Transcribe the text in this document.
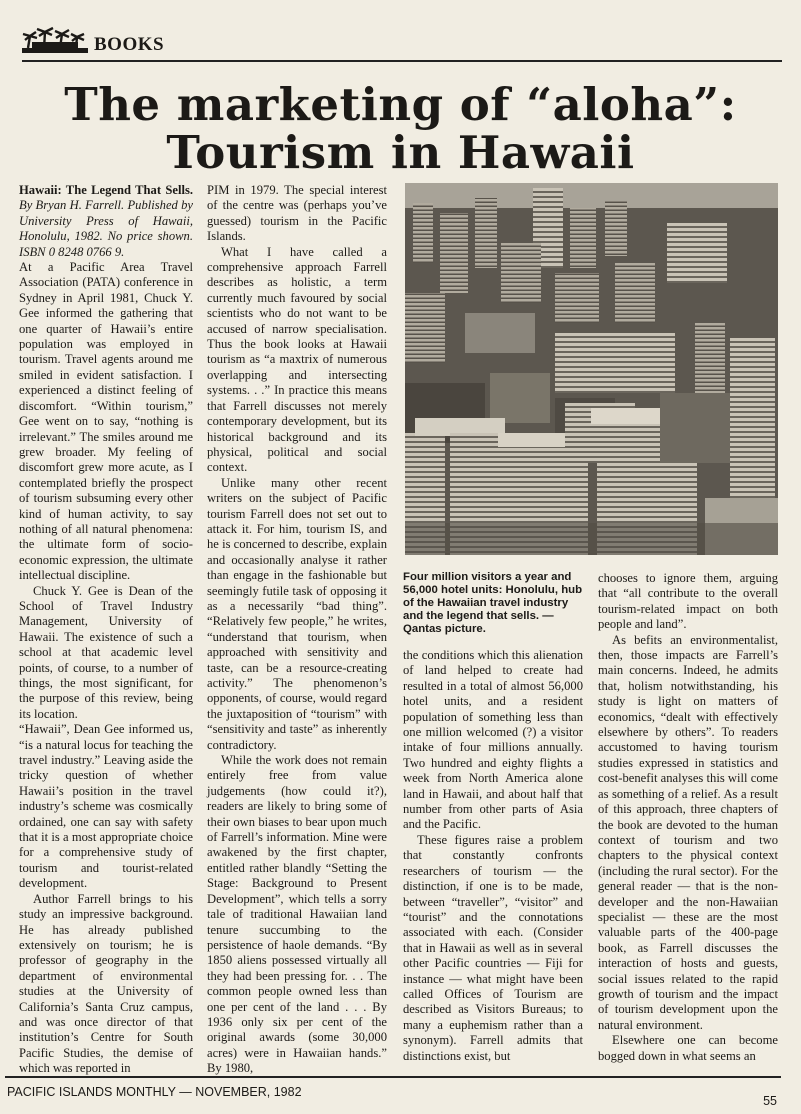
BOOKS
The marketing of “aloha”:
Tourism in Hawaii

Hawaii: The Legend That Sells. By Bryan H. Farrell. Published by University Press of Hawaii, Honolulu, 1982. No price shown. ISBN 0 8248 0766 9.

At a Pacific Area Travel Association (PATA) conference in Sydney in April 1981, Chuck Y. Gee informed the gathering that one quarter of Hawaii’s entire population was employed in tourism. Travel agents around me smiled in evident satisfaction. I experienced a distinct feeling of discomfort. “Within tourism,” Gee went on to say, “nothing is irrelevant.” The smiles around me grew broader. My feeling of discomfort grew more acute, as I contemplated briefly the prospect of tourism subsuming every other kind of human activity, to say nothing of all natural phenomena: the ultimate form of socio-economic expression, the ultimate intellectual discipline.

Chuck Y. Gee is Dean of the School of Travel Industry Management, University of Hawaii. The existence of such a school at that academic level points, of course, to a number of things, the most significant, for the purpose of this review, being its location.

“Hawaii”, Dean Gee informed us, “is a natural locus for teaching the travel industry.” Leaving aside the tricky question of whether Hawaii’s position in the travel industry’s scheme was cosmically ordained, one can say with safety that it is a most appropriate choice for a comprehensive study of tourism and tourist-related development.

Author Farrell brings to his study an impressive background. He has already published extensively on tourism; he is professor of geography in the department of environmental studies at the University of California’s Santa Cruz campus, and was once director of that institution’s Centre for South Pacific Studies, the demise of which was reported in

PIM in 1979. The special interest of the centre was (perhaps you’ve guessed) tourism in the Pacific Islands.

What I have called a comprehensive approach Farrell describes as holistic, a term currently much favoured by social scientists who do not want to be accused of narrow specialisation. Thus the book looks at Hawaii tourism as “a maxtrix of numerous overlapping and intersecting systems. . .” In practice this means that Farrell discusses not merely contemporary development, but its historical background and its physical, political and social context.

Unlike many other recent writers on the subject of Pacific tourism Farrell does not set out to attack it. For him, tourism IS, and he is concerned to describe, explain and occasionally analyse it rather than engage in the fashionable but seemingly futile task of opposing it as a necessarily “bad thing”. “Relatively few people,” he writes, “understand that tourism, when approached with sensitivity and taste, can be a resource-creating activity.” The phenomenon’s opponents, of course, would regard the juxtaposition of “tourism” with “sensitivity and taste” as inherently contradictory.

While the work does not remain entirely free from value judgements (how could it?), readers are likely to bring some of their own biases to bear upon much of Farrell’s information. Mine were awakened by the first chapter, entitled rather blandly “Setting the Stage: Background to Present Development”, which tells a sorry tale of traditional Hawaiian land tenure succumbing to the persistence of haole demands. “By 1850 aliens possessed virtually all they had been pressing for. . . The common people owned less than one per cent of the land . . . By 1936 only six per cent of the original awards (some 30,000 acres) were in Hawaiian hands.” By 1980,

Four million visitors a year and 56,000 hotel units: Honolulu, hub of the Hawaiian travel industry and the legend that sells. — Qantas picture.

the conditions which this alienation of land helped to create had resulted in a total of almost 56,000 hotel units, and a resident population of something less than one million welcomed (?) a visitor intake of four millions annually. Two hundred and eighty flights a week from North America alone land in Hawaii, and about half that number from other parts of Asia and the Pacific.

These figures raise a problem that constantly confronts researchers of tourism — the distinction, if one is to be made, between “traveller”, “visitor” and “tourist” and the connotations associated with each. (Consider that in Hawaii as well as in several other Pacific countries — Fiji for instance — what might have been called Offices of Tourism are described as Visitors Bureaus; to many a euphemism rather than a synonym). Farrell admits that distinctions exist, but

chooses to ignore them, arguing that “all contribute to the overall tourism-related impact on both people and land”.

As befits an environmentalist, then, those impacts are Farrell’s main concerns. Indeed, he admits that, holism notwithstanding, his study is light on matters of economics, “dealt with effectively elsewhere by others”. To readers accustomed to having tourism studies expressed in statistics and cost-benefit analyses this will come as something of a relief. As a result of this approach, three chapters of the book are devoted to the human context of tourism and two chapters to the physical context (including the rural sector). For the general reader — that is the non-developer and the non-Hawaiian specialist — these are the most valuable parts of the 400-page book, as Farrell discusses the interaction of hosts and guests, social issues related to the rapid growth of tourism and the impact of tourism development upon the natural environment.

Elsewhere one can become bogged down in what seems an

PACIFIC ISLANDS MONTHLY — NOVEMBER, 1982
55
